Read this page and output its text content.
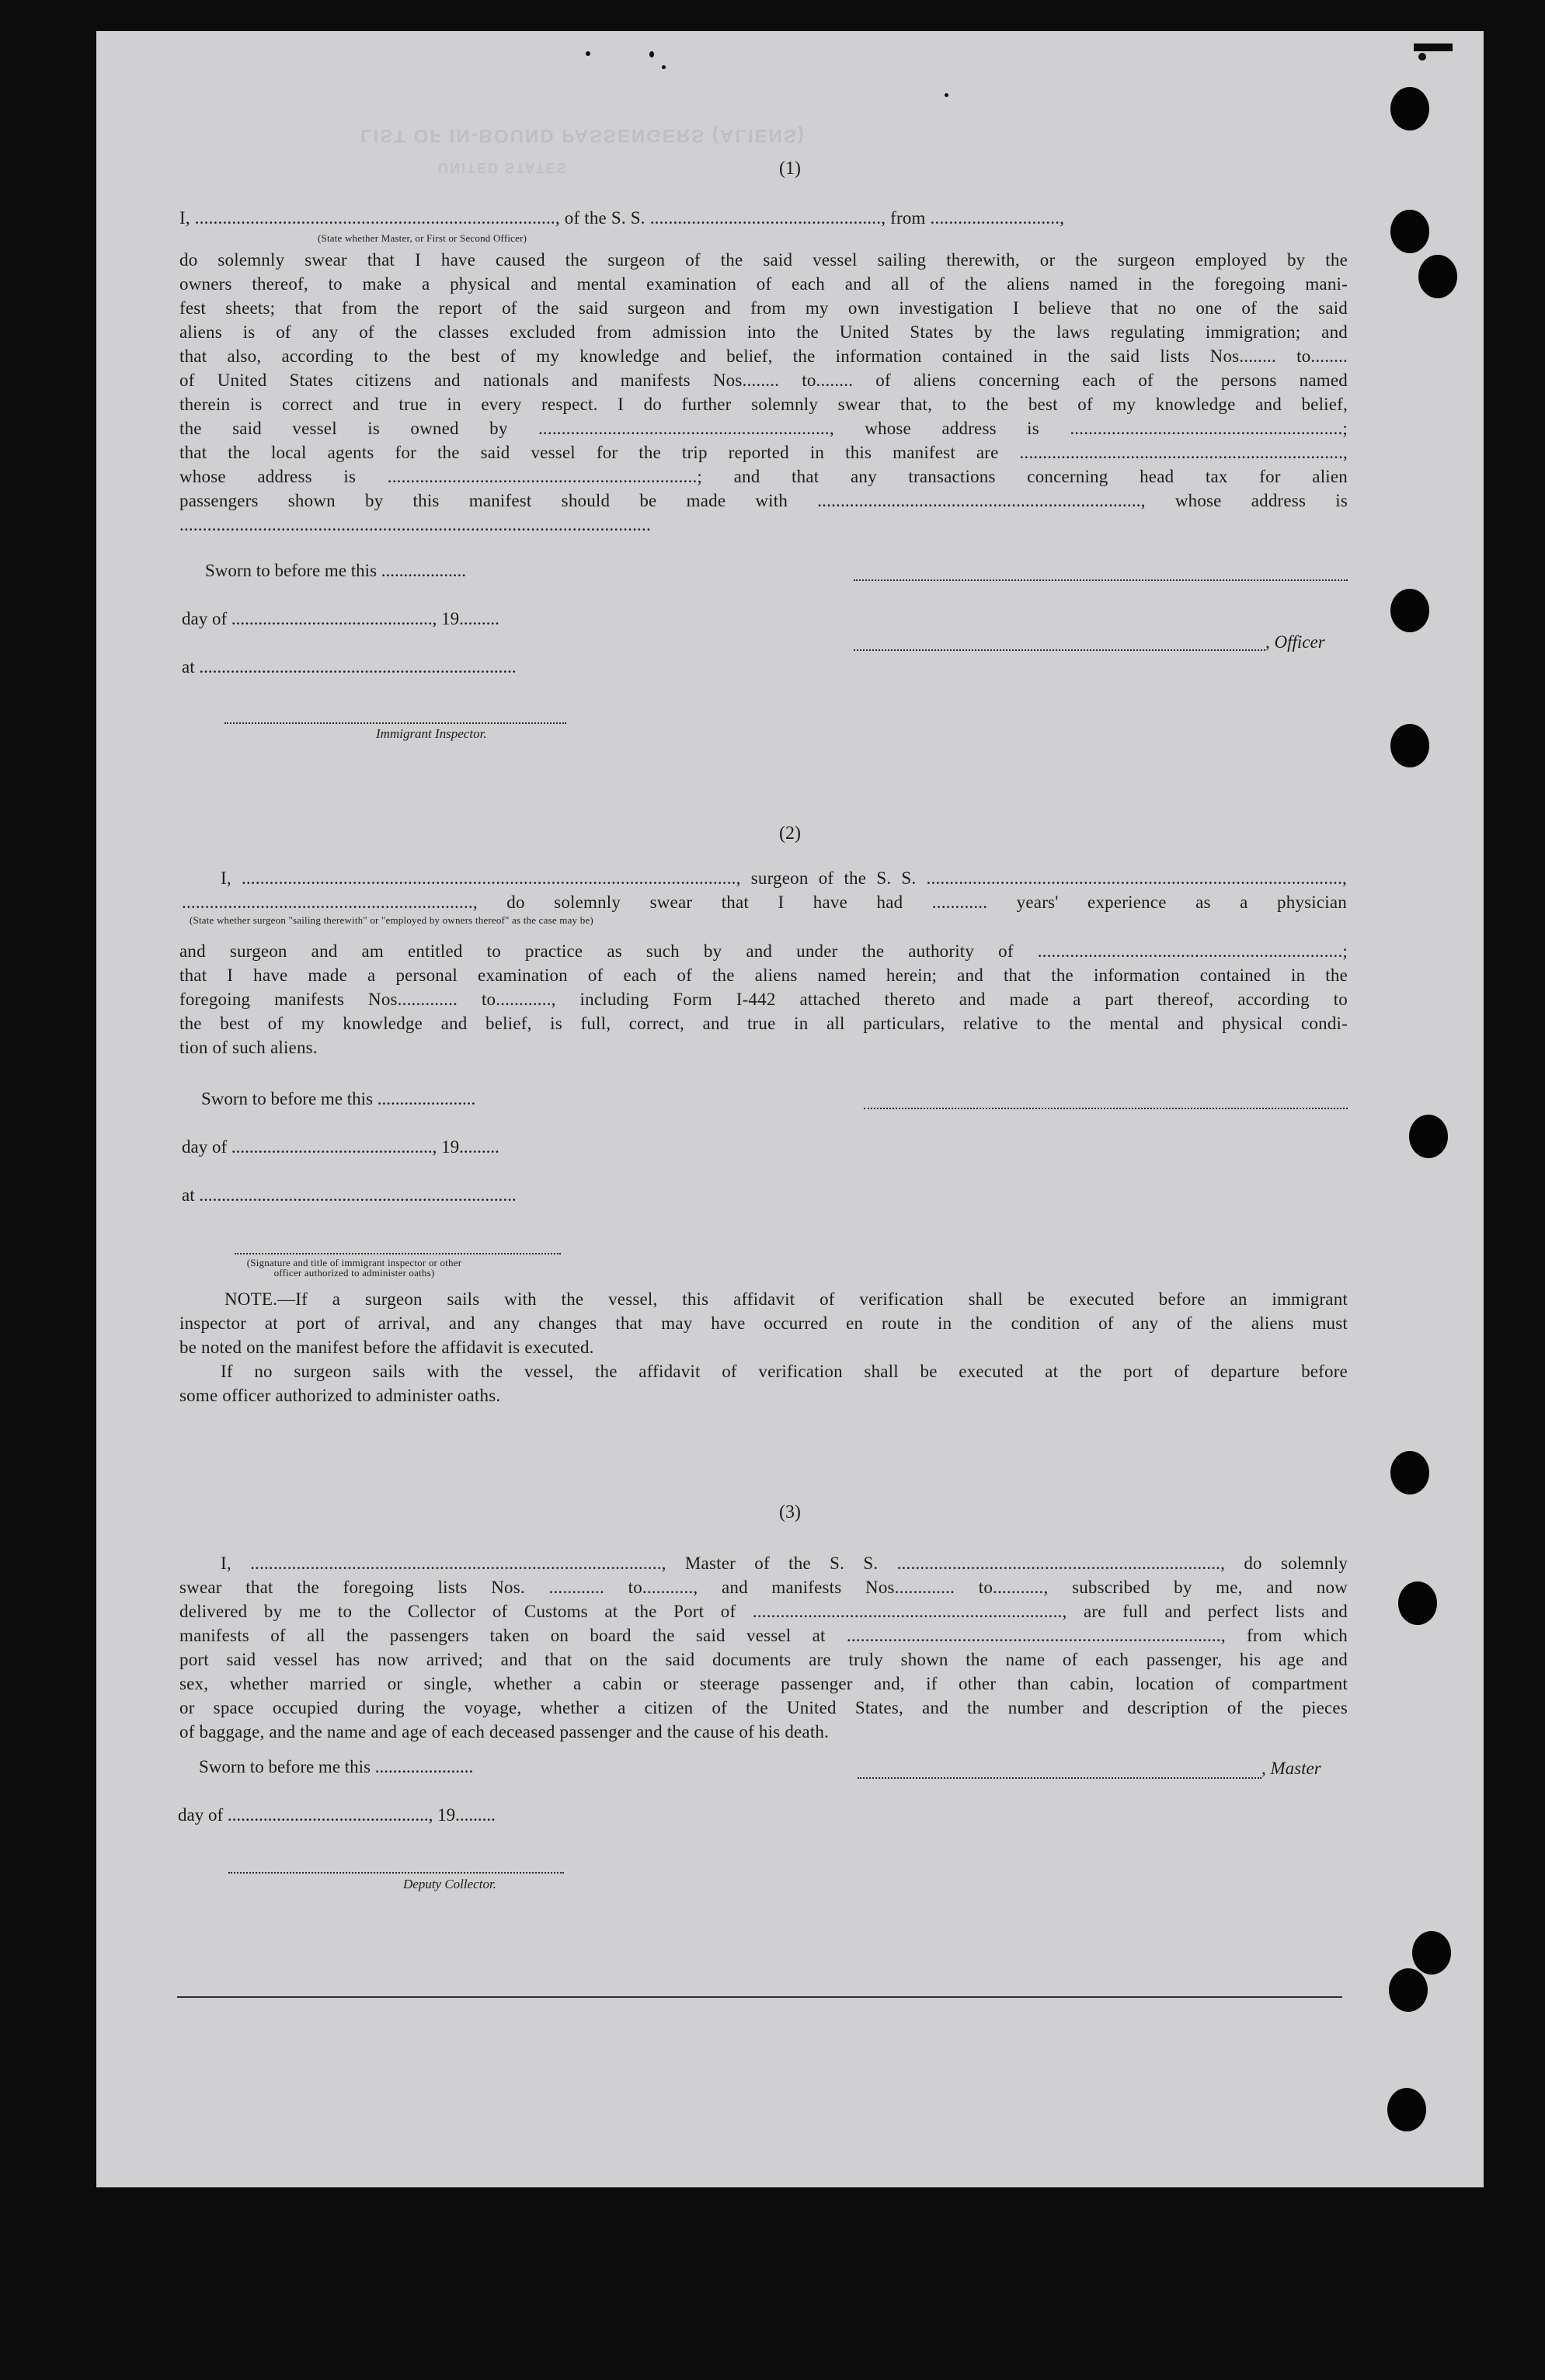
LIST OF IN-BOUND PASSENGERS (ALIENS)
UNITED STATES	(1)
I, .............................................................................., of the S. S. .................................................., from ............................,
(State whether Master, or First or Second Officer)
do solemnly swear that I have caused the surgeon of the said vessel sailing therewith, or the surgeon employed by the
owners thereof, to make a physical and mental examination of each and all of the aliens named in the foregoing mani-
fest sheets; that from the report of the said surgeon and from my own investigation I believe that no one of the said
aliens is of any of the classes excluded from admission into the United States by the laws regulating immigration; and
that also, according to the best of my knowledge and belief, the information contained in the said lists Nos........ to........
of United States citizens and nationals and manifests Nos........ to........ of aliens concerning each of the persons named
therein is correct and true in every respect. I do further solemnly swear that, to the best of my knowledge and belief,
the said vessel is owned by ..............................................................., whose address is ...........................................................;
that the local agents for the said vessel for the trip reported in this manifest are ......................................................................,
whose address is ...................................................................; and that any transactions concerning head tax for alien
passengers shown by this manifest should be made with ......................................................................, whose address is
......................................................................................................
Sworn to before me this ...................
day of ............................................., 19.........
at .......................................................................
, Officer
Immigrant Inspector.
(2)
I, ..........................................................................................................., surgeon of the S. S. ..........................................................................................,
..............................................................., do solemnly swear that I have had ............ years' experience as a physician
(State whether surgeon "sailing therewith" or "employed by owners thereof" as the case may be)
and surgeon and am entitled to practice as such by and under the authority of ..................................................................;
that I have made a personal examination of each of the aliens named herein; and that the information contained in the
foregoing manifests Nos............. to............, including Form I-442 attached thereto and made a part thereof, according to
the best of my knowledge and belief, is full, correct, and true in all particulars, relative to the mental and physical condi-
tion of such aliens.
Sworn to before me this ......................
day of ............................................., 19.........
at .......................................................................
(Signature and title of immigrant inspector or other officer authorized to administer oaths)
NOTE.—If a surgeon sails with the vessel, this affidavit of verification shall be executed before an immigrant
inspector at port of arrival, and any changes that may have occurred en route in the condition of any of the aliens must
be noted on the manifest before the affidavit is executed.
If no surgeon sails with the vessel, the affidavit of verification shall be executed at the port of departure before
some officer authorized to administer oaths.
(3)
I, ........................................................................................., Master of the S. S. ......................................................................, do solemnly
swear that the foregoing lists Nos. ............ to..........., and manifests Nos............. to..........., subscribed by me, and now
delivered by me to the Collector of Customs at the Port of ..................................................................., are full and perfect lists and
manifests of all the passengers taken on board the said vessel at ................................................................................., from which
port said vessel has now arrived; and that on the said documents are truly shown the name of each passenger, his age and
sex, whether married or single, whether a cabin or steerage passenger and, if other than cabin, location of compartment
or space occupied during the voyage, whether a citizen of the United States, and the number and description of the pieces
of baggage, and the name and age of each deceased passenger and the cause of his death.
Sworn to before me this ......................	, Master
day of ............................................., 19.........
Deputy Collector.
